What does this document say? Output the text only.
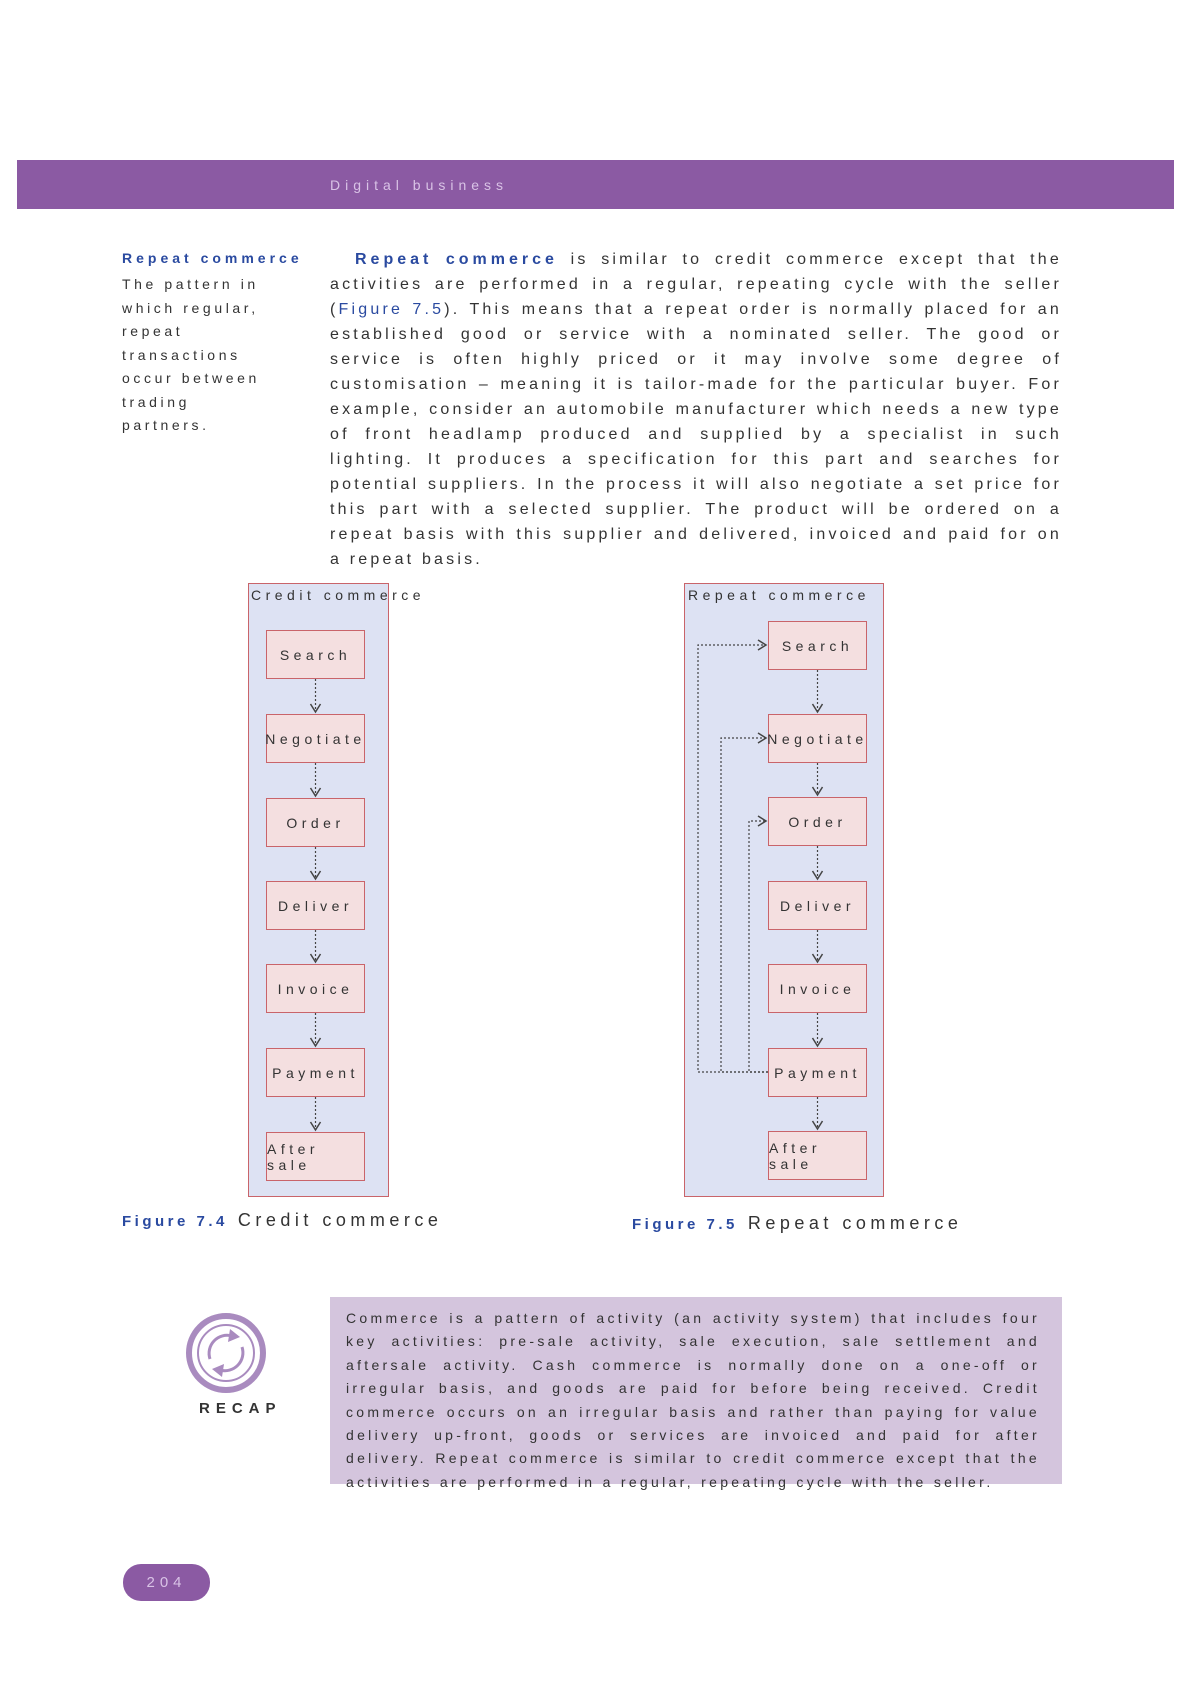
Digital business
Repeat commerce
The pattern in which regular, repeat transactions occur between trading partners.
Repeat commerce is similar to credit commerce except that the activities are performed in a regular, repeating cycle with the seller (Figure 7.5). This means that a repeat order is normally placed for an established good or service with a nominated seller. The good or service is often highly priced or it may involve some degree of customisation – meaning it is tailor-made for the particular buyer. For example, consider an automobile manufacturer which needs a new type of front headlamp produced and supplied by a specialist in such lighting. It produces a specification for this part and searches for potential suppliers. In the process it will also negotiate a set price for this part with a selected supplier. The product will be ordered on a repeat basis with this supplier and delivered, invoiced and paid for on a repeat basis.
Credit commerce
Search
Negotiate
Order
Deliver
Invoice
Payment
After sale
Repeat commerce
Search
Negotiate
Order
Deliver
Invoice
Payment
After sale
Figure 7.4 Credit commerce	Figure 7.5 Repeat commerce
RECAP
Commerce is a pattern of activity (an activity system) that includes four key activities: pre-sale activity, sale execution, sale settlement and aftersale activity. Cash commerce is normally done on a one-off or irregular basis, and goods are paid for before being received. Credit commerce occurs on an irregular basis and rather than paying for value delivery up-front, goods or services are invoiced and paid for after delivery. Repeat commerce is similar to credit commerce except that the activities are performed in a regular, repeating cycle with the seller.
204
